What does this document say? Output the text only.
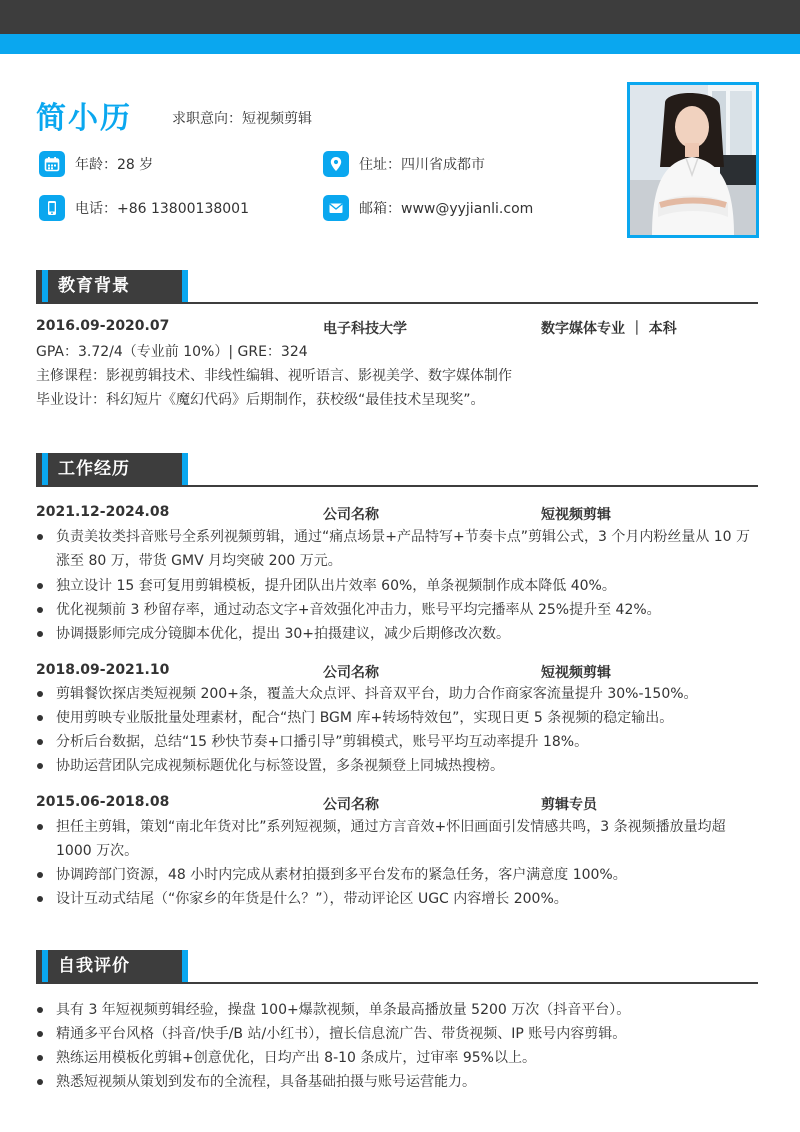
简小历	求职意向：短视频剪辑
年龄：28 岁	住址：四川省成都市
电话：+86 13800138001	邮箱：www@yyjianli.com
教育背景
2016.09-2020.07	电子科技大学	数字媒体专业 ｜ 本科
GPA：3.72/4（专业前 10%）| GRE：324
主修课程：影视剪辑技术、非线性编辑、视听语言、影视美学、数字媒体制作
毕业设计：科幻短片《魔幻代码》后期制作，获校级“最佳技术呈现奖”。
工作经历
2021.12-2024.08	公司名称	短视频剪辑
负责美妆类抖音账号全系列视频剪辑，通过“痛点场景+产品特写+节奏卡点”剪辑公式，3 个月内粉丝量从 10 万涨至 80 万，带货 GMV 月均突破 200 万元。
独立设计 15 套可复用剪辑模板，提升团队出片效率 60%，单条视频制作成本降低 40%。
优化视频前 3 秒留存率，通过动态文字+音效强化冲击力，账号平均完播率从 25%提升至 42%。
协调摄影师完成分镜脚本优化，提出 30+拍摄建议，减少后期修改次数。
2018.09-2021.10	公司名称	短视频剪辑
剪辑餐饮探店类短视频 200+条，覆盖大众点评、抖音双平台，助力合作商家客流量提升 30%-150%。
使用剪映专业版批量处理素材，配合“热门 BGM 库+转场特效包”，实现日更 5 条视频的稳定输出。
分析后台数据，总结“15 秒快节奏+口播引导”剪辑模式，账号平均互动率提升 18%。
协助运营团队完成视频标题优化与标签设置，多条视频登上同城热搜榜。
2015.06-2018.08	公司名称	剪辑专员
担任主剪辑，策划“南北年货对比”系列短视频，通过方言音效+怀旧画面引发情感共鸣，3 条视频播放量均超 1000 万次。
协调跨部门资源，48 小时内完成从素材拍摄到多平台发布的紧急任务，客户满意度 100%。
设计互动式结尾（“你家乡的年货是什么？”），带动评论区 UGC 内容增长 200%。
自我评价
具有 3 年短视频剪辑经验，操盘 100+爆款视频，单条最高播放量 5200 万次（抖音平台）。
精通多平台风格（抖音/快手/B 站/小红书），擅长信息流广告、带货视频、IP 账号内容剪辑。
熟练运用模板化剪辑+创意优化，日均产出 8-10 条成片，过审率 95%以上。
熟悉短视频从策划到发布的全流程，具备基础拍摄与账号运营能力。
